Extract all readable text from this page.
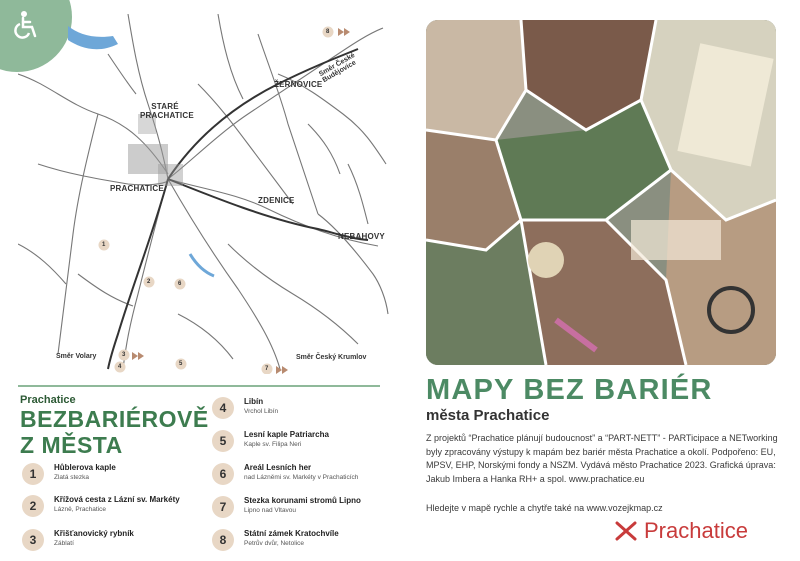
STARÉ PRACHATICE
ŽERNOVICE
PRACHATICE
ZDENICE
NEBAHOVY
Směr České Budějovice
Směr Volary	Směr Český Krumlov
1
2
3
4	5
6
7
8
Prachatice
BEZBARIÉROVĚ
Z MĚSTA
1	Hůblerova kaple
Zlatá stezka
2	Křížová cesta z Lázní sv. Markéty
Lázně, Prachatice
3	Křišťanovický rybník
Záblatí
4	Libín
Vrchol Libín
5	Lesní kaple Patriarcha
Kaple sv. Filipa Neri
6	Areál Lesních her
nad Lázněmi sv. Markéty v Prachaticích
7	Stezka korunami stromů Lipno
Lipno nad Vltavou
8	Státní zámek Kratochvíle
Petrův dvůr, Netolice
MAPY BEZ BARIÉR
města Prachatice

Z projektů “Prachatice plánují budoucnost” a “PART-NETT” - PARTicipace a NETworking byly zpracovány výstupy k mapám bez bariér města Prachatice a okolí. Podpořeno: EU, MPSV, EHP, Norskými fondy a NSZM. Vydává město Prachatice 2023. Grafická úprava: Jakub Imbera a Hanka RH+ a spol. www.prachatice.eu

Hledejte v mapě rychle a chytře také na www.vozejkmap.cz
Prachatice
